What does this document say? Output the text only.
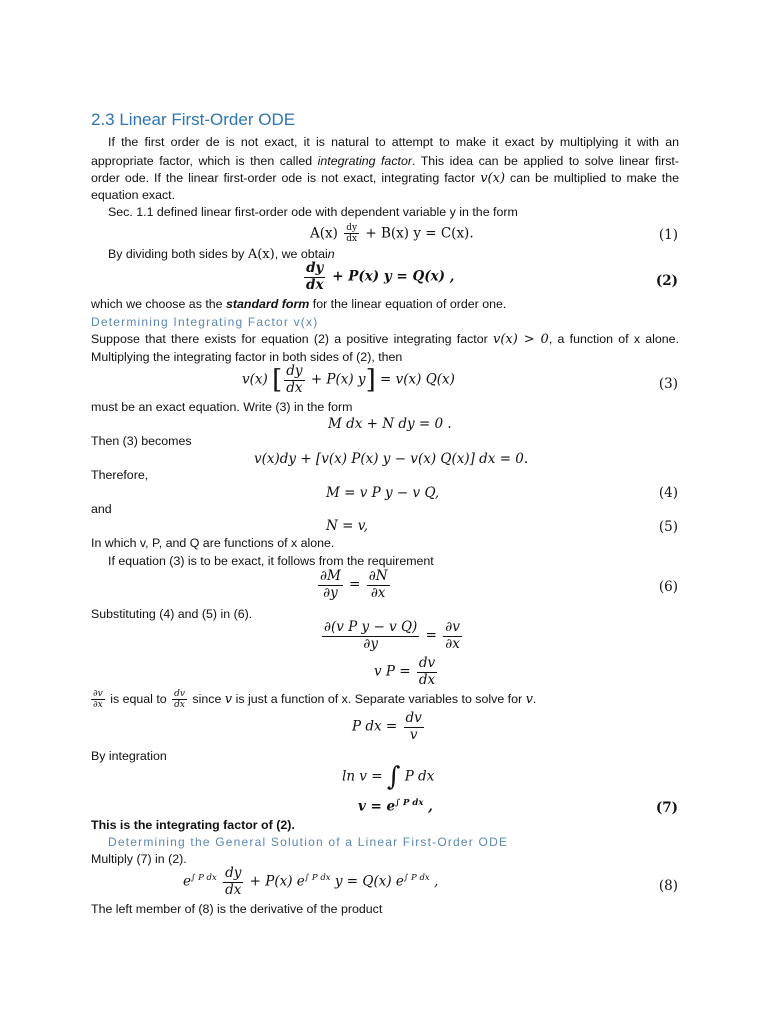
2.3 Linear First-Order ODE
If the first order de is not exact, it is natural to attempt to make it exact by multiplying it with an
appropriate factor, which is then called integrating factor. This idea can be applied to solve linear first-
order ode. If the linear first-order ode is not exact, integrating factor v(x) can be multiplied to make the
equation exact.
Sec. 1.1 defined linear first-order ode with dependent variable y in the form
$A(x) \frac{dy}{dx} + B(x) y = C(x)$.	(1)
By dividing both sides by A(x), we obtain
$\frac{dy}{dx} + P(x) y = Q(x)$ ,	(2)
which we choose as the standard form for the linear equation of order one.
Determining Integrating Factor v(x)
Suppose that there exists for equation (2) a positive integrating factor v(x) > 0, a function of x alone.
Multiplying the integrating factor in both sides of (2), then
v(x) [ $\frac{dy}{dx} + P(x) y] = v(x)$ Q(x)	(3)
must be an exact equation. Write (3) in the form
M dx + N dy = 0 .
Then (3) becomes
v(x)dy + [v(x) P(x) y − v(x) Q(x)] dx = 0.
Therefore,
M = v P y − v Q,	(4)
and
N = v,	(5)
In which v, P, and Q are functions of x alone.
If equation (3) is to be exact, it follows from the requirement
$\frac{\partial M}{\partial y} = \frac{\partial N}{\partial x}$	(6)
Substituting (4) and (5) in (6).
$\frac{\text{∂(v P y − v Q)}}{\partial y} = \frac{\partial v}{\partial x}$
v $P = \frac{dv}{dx}$
$\frac{\partial v}{\partial x}$ is equal to $\frac{dv}{dx}$ since v is just a function of x. Separate variables to solve for v.
P dx = $\frac{dv}{v}$
By integration
ln v = ∫ P dx
$v = e^{\int P dx}$ ,	(7)
This is the integrating factor of (2).
Determining the General Solution of a Linear First-Order ODE
Multiply (7) in (2).
$e^{\int P dx} \frac{dy}{dx} + P(x)$ $e^{\int P dx}$ y = Q(x) $e^{\int P dx}$ ,	(8)
The left member of (8) is the derivative of the product
